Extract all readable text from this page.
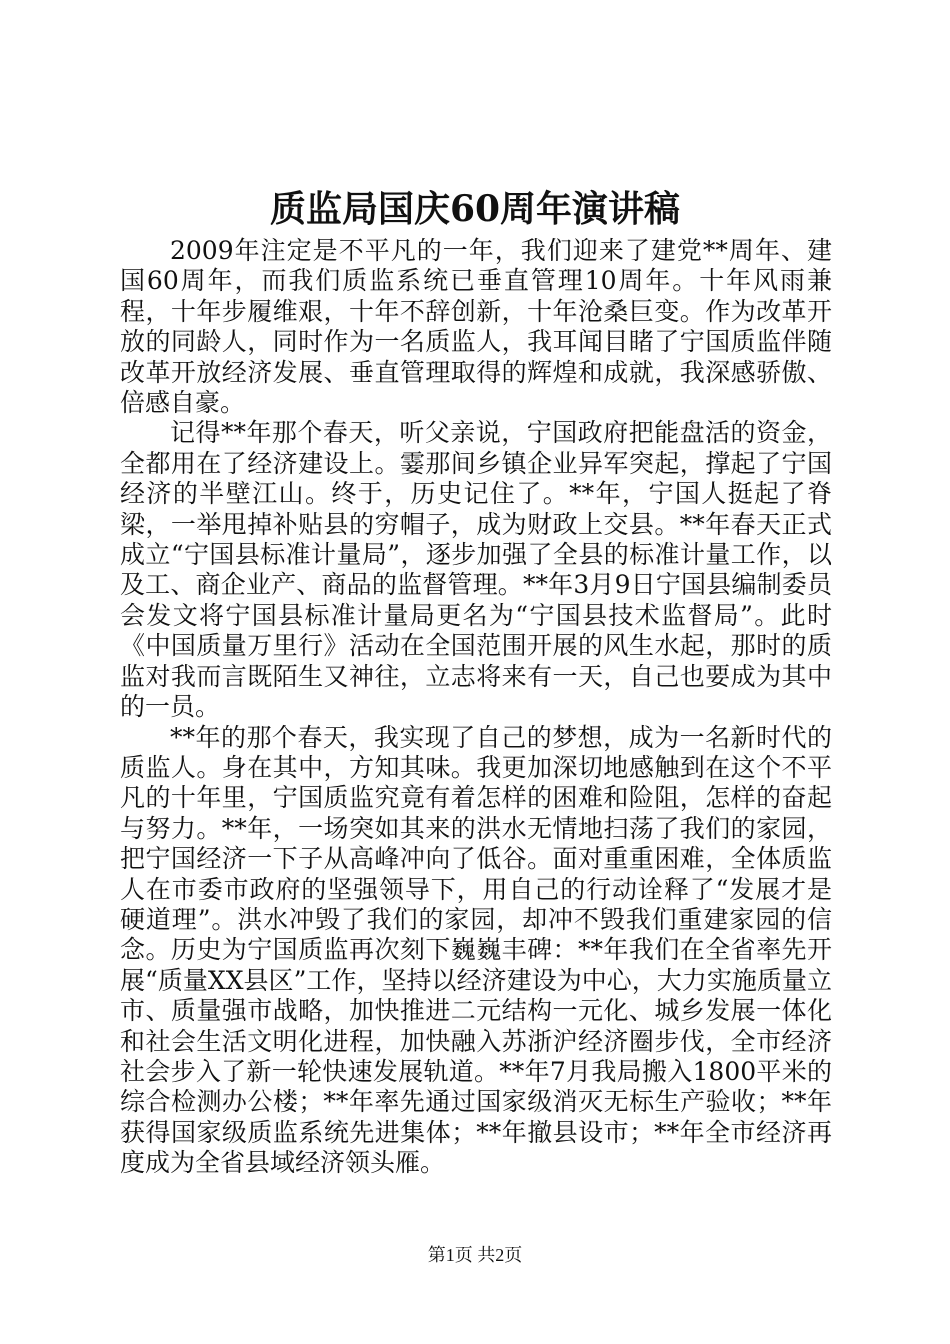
质监局国庆60周年演讲稿

2009年注定是不平凡的一年，我们迎来了建党**周年、建国60周年，而我们质监系统已垂直管理10周年。十年风雨兼程，十年步履维艰，十年不辞创新，十年沧桑巨变。作为改革开放的同龄人，同时作为一名质监人，我耳闻目睹了宁国质监伴随改革开放经济发展、垂直管理取得的辉煌和成就，我深感骄傲、倍感自豪。

记得**年那个春天，听父亲说，宁国政府把能盘活的资金，全都用在了经济建设上。霎那间乡镇企业异军突起，撑起了宁国经济的半壁江山。终于，历史记住了。**年，宁国人挺起了脊梁，一举甩掉补贴县的穷帽子，成为财政上交县。**年春天正式成立“宁国县标准计量局”，逐步加强了全县的标准计量工作，以及工、商企业产、商品的监督管理。**年3月9日宁国县编制委员会发文将宁国县标准计量局更名为“宁国县技术监督局”。此时《中国质量万里行》活动在全国范围开展的风生水起，那时的质监对我而言既陌生又神往，立志将来有一天，自己也要成为其中的一员。

**年的那个春天，我实现了自己的梦想，成为一名新时代的质监人。身在其中，方知其味。我更加深切地感触到在这个不平凡的十年里，宁国质监究竟有着怎样的困难和险阻，怎样的奋起与努力。**年，一场突如其来的洪水无情地扫荡了我们的家园，把宁国经济一下子从高峰冲向了低谷。面对重重困难，全体质监人在市委市政府的坚强领导下，用自己的行动诠释了“发展才是硬道理”。洪水冲毁了我们的家园，却冲不毁我们重建家园的信念。历史为宁国质监再次刻下巍巍丰碑：**年我们在全省率先开展“质量XX县区”工作，坚持以经济建设为中心，大力实施质量立市、质量强市战略，加快推进二元结构一元化、城乡发展一体化和社会生活文明化进程，加快融入苏浙沪经济圈步伐，全市经济社会步入了新一轮快速发展轨道。**年7月我局搬入1800平米的综合检测办公楼；**年率先通过国家级消灭无标生产验收；**年获得国家级质监系统先进集体；**年撤县设市；**年全市经济再度成为全省县域经济领头雁。

第1页 共2页
